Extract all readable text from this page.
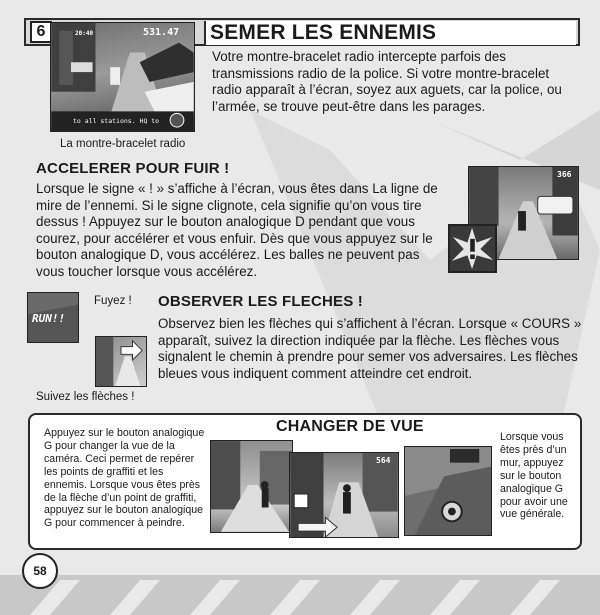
6	SEMER LES ENNEMIS
531.47
20:40
to all stations. HQ to
La montre-bracelet radio
Votre montre-bracelet radio intercepte parfois des transmissions radio de la police. Si votre montre-bracelet radio apparaît à l’écran, soyez aux aguets, car la police, ou l’armée, se trouve peut-être dans les parages.
ACCELERER POUR FUIR !
Lorsque le signe « ! » s’affiche à l’écran, vous êtes dans La ligne de mire de l’ennemi. Si le signe clignote, cela signifie qu’on vous tire dessus ! Appuyez sur le bouton analogique D pendant que vous courez, pour accélérer et vous enfuir. Dès que vous appuyez sur le bouton analogique D, vous accélérez. Les balles ne peuvent pas vous toucher lorsque vous accélérez.
366
RUN!!
Fuyez !
Suivez les flèches !
OBSERVER LES FLECHES !
Observez bien les flèches qui s’affichent à l’écran. Lorsque « COURS » apparaît, suivez la direction indiquée par la flèche. Les flèches vous signalent le chemin à prendre pour semer vos adversaires. Les flèches bleues vous indiquent comment atteindre cet endroit.
CHANGER DE VUE
Appuyez sur le bouton analogique G pour changer la vue de la caméra. Ceci permet de repérer les points de graffiti et les ennemis. Lorsque vous êtes près de la flèche d’un point de graffiti, appuyez sur le bouton analogique G pour commencer à peindre.
564
Lorsque vous êtes près d’un mur, appuyez sur le bouton analogique G pour avoir une vue générale.
58
